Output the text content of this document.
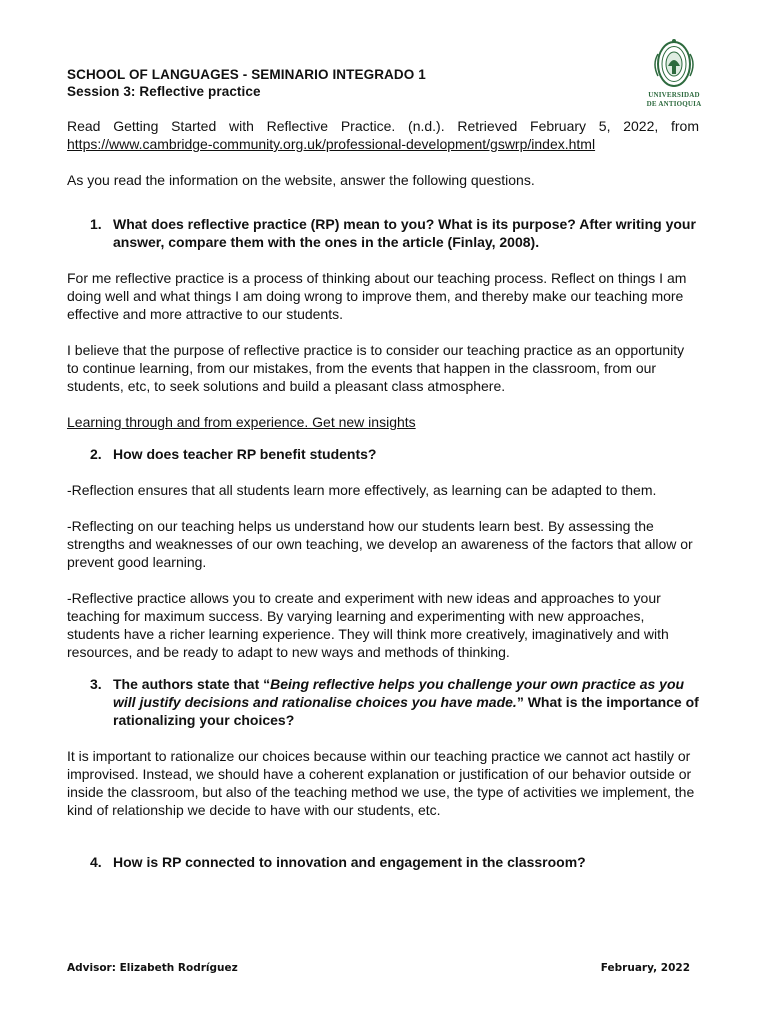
SCHOOL OF LANGUAGES - SEMINARIO INTEGRADO 1
Session 3: Reflective practice	UNIVERSIDAD
DE ANTIOQUIA

Read Getting Started with Reflective Practice. (n.d.). Retrieved February 5, 2022, from https://www.cambridge-community.org.uk/professional-development/gswrp/index.html

As you read the information on the website, answer the following questions.

1. What does reflective practice (RP) mean to you? What is its purpose? After writing your answer, compare them with the ones in the article (Finlay, 2008).

For me reflective practice is a process of thinking about our teaching process. Reflect on things I am doing well and what things I am doing wrong to improve them, and thereby make our teaching more effective and more attractive to our students.

I believe that the purpose of reflective practice is to consider our teaching practice as an opportunity to continue learning, from our mistakes, from the events that happen in the classroom, from our students, etc, to seek solutions and build a pleasant class atmosphere.

Learning through and from experience. Get new insights

2. How does teacher RP benefit students?

-Reflection ensures that all students learn more effectively, as learning can be adapted to them.

-Reflecting on our teaching helps us understand how our students learn best. By assessing the strengths and weaknesses of our own teaching, we develop an awareness of the factors that allow or prevent good learning.

-Reflective practice allows you to create and experiment with new ideas and approaches to your teaching for maximum success. By varying learning and experimenting with new approaches, students have a richer learning experience. They will think more creatively, imaginatively and with resources, and be ready to adapt to new ways and methods of thinking.

3. The authors state that “Being reflective helps you challenge your own practice as you will justify decisions and rationalise choices you have made.” What is the importance of rationalizing your choices?

It is important to rationalize our choices because within our teaching practice we cannot act hastily or improvised. Instead, we should have a coherent explanation or justification of our behavior outside or inside the classroom, but also of the teaching method we use, the type of activities we implement, the kind of relationship we decide to have with our students, etc.

4. How is RP connected to innovation and engagement in the classroom?
Advisor: Elizabeth Rodríguez	February, 2022
